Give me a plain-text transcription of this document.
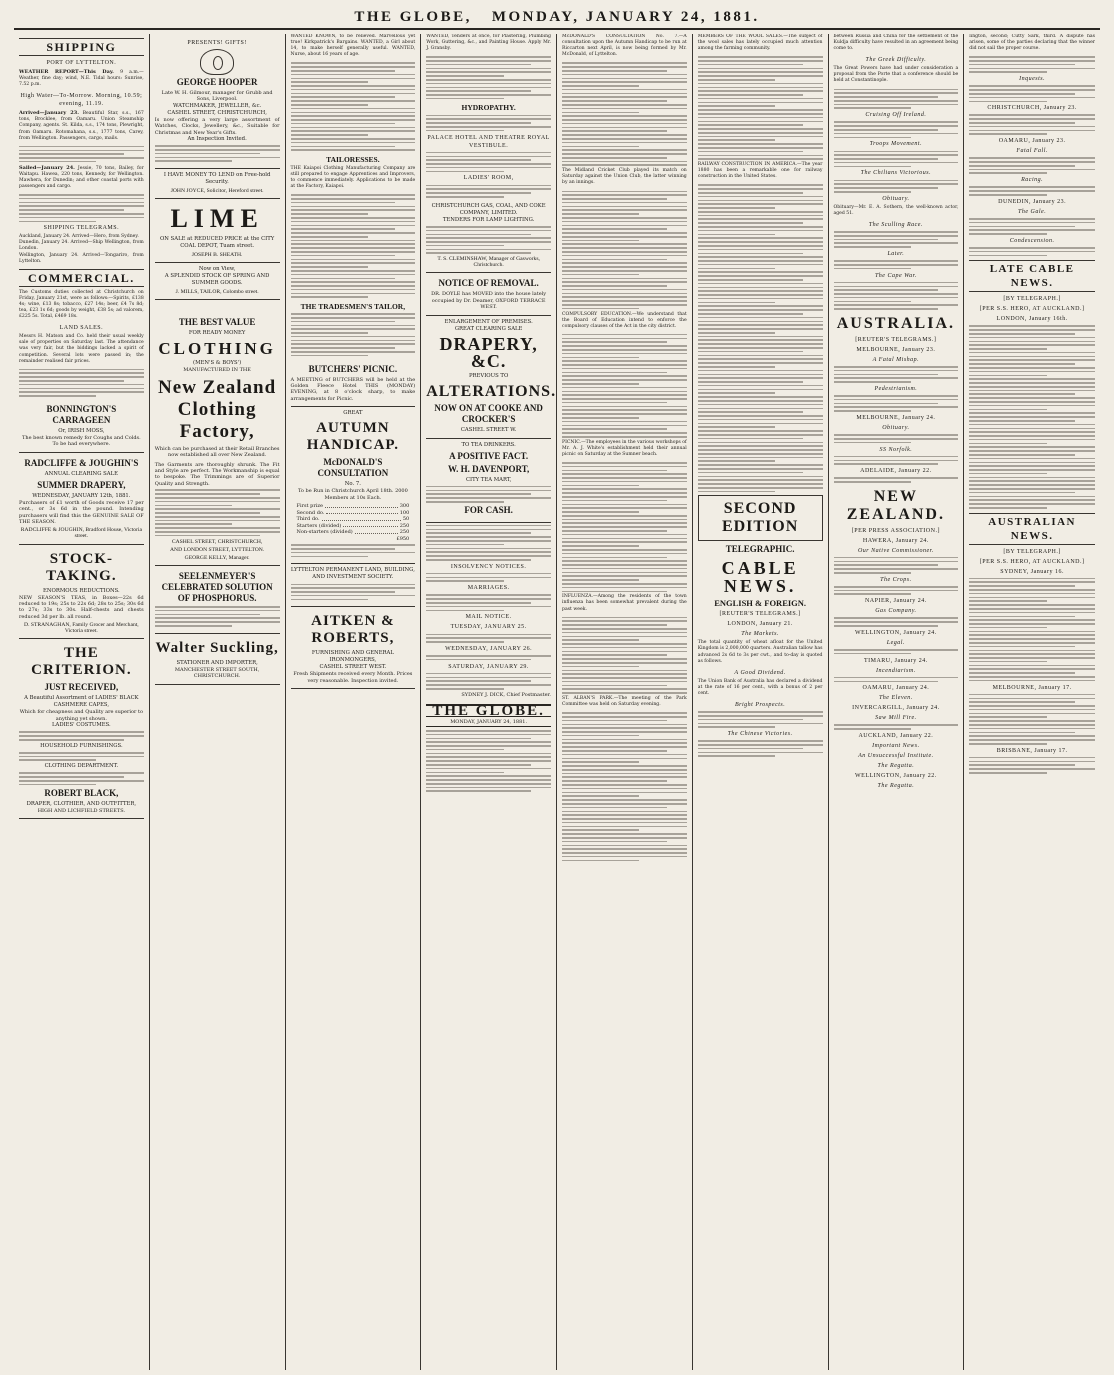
THE GLOBE, MONDAY, JANUARY 24, 1881.
SHIPPING
PORT OF LYTTELTON.
WEATHER REPORT—This Day. 9 a.m.—Weather, fine day; wind, N.E. Tidal hours: Sunrise, 7.52 p.m.
High Water—To-Morrow. Morning, 10.59; evening, 11.19.
Arrived—January 23. Beautiful Star, s.s., 167 tons, Brocklee, from Oamaru. Union Steamship Company, agents. St. Kilda, s.s., 174 tons, Plewright, from Oamaru. Rotomahana, s.s., 1777 tons, Carey, from Wellington. Passengers, cargo, mails.
Sailed—January 24. Jessie, 70 tons, Bailey, for Waitapu. Hawea, 220 tons, Kennedy, for Wellington. Mawhera, for Dunedin; and other coastal ports with passengers and cargo.
SHIPPING TELEGRAMS.
Auckland, January 24. Arrived—Hero, from Sydney.
Dunedin, January 24. Arrived—Ship Wellington, from London.
Wellington, January 24. Arrived—Tongariro, from Lyttelton.
COMMERCIAL.
The Customs duties collected at Christchurch on Friday, January 21st, were as follows:—Spirits, £138 4s; wine, £13 8s; tobacco, £27 14s; beer, £4 7s 8d; tea, £23 1s 6d; goods by weight, £38 5s; ad valorem, £225 5s. Total, £469 18s.
LAND SALES.
Messrs H. Matson and Co. held their usual weekly sale of properties on Saturday last. The attendance was very fair, but the biddings lacked a spirit of competition. Several lots were passed in; the remainder realised fair prices.
BONNINGTON'S CARRAGEEN
Or, IRISH MOSS,
The best known remedy for Coughs and Colds.
To be had everywhere.
RADCLIFFE & JOUGHIN'S
ANNUAL CLEARING SALE
SUMMER DRAPERY,
WEDNESDAY, JANUARY 12th, 1881.
Purchasers of £1 worth of Goods receive 17 per cent., or 3s 6d in the pound. Intending purchasers will find this the GENUINE SALE OF THE SEASON.
RADCLIFFE & JOUGHIN, Bradford House, Victoria street.
STOCK-TAKING.
ENORMOUS REDUCTIONS.
NEW SEASON'S TEAS, in Boxes—22s 6d reduced to 19s; 25s to 22s 6d; 28s to 25s; 30s 6d to 27s; 33s to 30s. Half-chests and chests reduced 3d per lb. all round.
D. STRANAGHAN, Family Grocer and Merchant, Victoria street.
THE CRITERION.
JUST RECEIVED,
A Beautiful Assortment of LADIES' BLACK CASHMERE CAPES,
Which for cheapness and Quality are superior to anything yet shown.
LADIES' COSTUMES.
HOUSEHOLD FURNISHINGS.
CLOTHING DEPARTMENT.
ROBERT BLACK,
DRAPER, CLOTHIER, AND OUTFITTER,
HIGH AND LICHFIELD STREETS.
PRESENTS! GIFTS!
GEORGE HOOPER
Late W. H. Gilmour, manager for Grubb and Sons, Liverpool.
WATCHMAKER, JEWELLER, &c.
CASHEL STREET, CHRISTCHURCH,
Is now offering a very large assortment of Watches, Clocks, Jewellery, &c., Suitable for Christmas and New Year's Gifts.
An Inspection Invited.
I HAVE MONEY TO LEND on Free-hold Security.
JOHN JOYCE, Solicitor, Hereford street.
LIME
ON SALE at REDUCED PRICE at the CITY COAL DEPOT, Tuam street.
JOSEPH B. SHEATH.
Now on View,
A SPLENDID STOCK OF SPRING AND SUMMER GOODS.
J. MILLS, TAILOR, Colombo street.
THE BEST VALUE
FOR READY MONEY
CLOTHING
(MEN'S & BOYS')
MANUFACTURED IN THE
New Zealand Clothing Factory,
Which can be purchased at their Retail Branches now established all over New Zealand.
The Garments are thoroughly shrunk. The Fit and Style are perfect. The Workmanship is equal to bespoke. The Trimmings are of Superior Quality and Strength.
CASHEL STREET, CHRISTCHURCH,
AND LONDON STREET, LYTTELTON.
GEORGE KELLY, Manager.
SEELENMEYER'S CELEBRATED SOLUTION OF PHOSPHORUS.
Walter Suckling,
STATIONER AND IMPORTER,
MANCHESTER STREET SOUTH, CHRISTCHURCH.
WANTED KNOWN, to be relieved. Marvellous yet true! Kirkpatrick's Bargains. WANTED, a Girl about 14, to make herself generally useful. WANTED, Nurse, about 16 years of age.
TAILORESSES.
THE Kaiapoi Clothing Manufacturing Company are still prepared to engage Apprentices and Improvers, to commence immediately. Applications to be made at the Factory, Kaiapoi.
THE TRADESMEN'S TAILOR,
BUTCHERS' PICNIC.
A MEETING of BUTCHERS will be held at the Golden Fleece Hotel THIS (MONDAY) EVENING, at 8 o'clock sharp, to make arrangements for Picnic.
GREAT
AUTUMN HANDICAP.
McDONALD'S CONSULTATION
No. 7.
To be Run in Christchurch April 18th. 2000 Members at 10s Each.
First prize	300
Second do.	100
Third do.	50
Starters (divided)	250
Non-starters (divided)	250
£950
LYTTELTON PERMANENT LAND, BUILDING, AND INVESTMENT SOCIETY.
AITKEN & ROBERTS,
FURNISHING AND GENERAL IRONMONGERS,
CASHEL STREET WEST.
Fresh Shipments received every Month. Prices very reasonable. Inspection invited.
WANTED, Tenders at once, for Plastering, Plumbing Work, Guttering, &c., and Painting House. Apply Mr. J. Gransby.
HYDROPATHY.
PALACE HOTEL AND THEATRE ROYAL VESTIBULE.
LADIES' ROOM,
CHRISTCHURCH GAS, COAL, AND COKE COMPANY, LIMITED.
TENDERS FOR LAMP LIGHTING.
T. S. CLEMINSHAW, Manager of Gasworks, Christchurch.
NOTICE OF REMOVAL.
DR. DOYLE has MOVED into the house lately occupied by Dr. Deamer, OXFORD TERRACE WEST.
ENLARGEMENT OF PREMISES.
GREAT CLEARING SALE
DRAPERY, &C.
PREVIOUS TO
ALTERATIONS.
NOW ON AT COOKE AND CROCKER'S
CASHEL STREET W.
TO TEA DRINKERS.
A POSITIVE FACT.
W. H. DAVENPORT,
CITY TEA MART,
FOR CASH.
INSOLVENCY NOTICES.
MARRIAGES.
MAIL NOTICE.
TUESDAY, JANUARY 25.
WEDNESDAY, JANUARY 26.
SATURDAY, JANUARY 29.
SYDNEY J. DICK, Chief Postmaster.
THE GLOBE.
MONDAY, JANUARY 24, 1881.
McDONALD'S CONSULTATION No. 7.—A consultation upon the Autumn Handicap to be run at Riccarton next April, is now being formed by Mr. McDonald, of Lyttelton.
The Midland Cricket Club played its match on Saturday against the Union Club, the latter winning by an innings.
COMPULSORY EDUCATION.—We understand that the Board of Education intend to enforce the compulsory clauses of the Act in the city district.
PICNIC.—The employees in the various workshops of Mr. A. J. White's establishment held their annual picnic on Saturday at the Sumner beach.
INFLUENZA.—Among the residents of the town influenza has been somewhat prevalent during the past week.
ST. ALBAN'S PARK.—The meeting of the Park Committee was held on Saturday evening.
MEMBERS OF THE WOOL SALES.—The subject of the wool sales has lately occupied much attention among the farming community.
RAILWAY CONSTRUCTION IN AMERICA.—The year 1880 has been a remarkable one for railway construction in the United States.
SECOND EDITION
TELEGRAPHIC.
CABLE NEWS.
ENGLISH & FOREIGN.
[REUTER'S TELEGRAMS.]
LONDON, January 21.
The Markets.
The total quantity of wheat afloat for the United Kingdom is 2,000,000 quarters. Australian tallow has advanced 2s 6d to 3s per cwt., and to-day is quoted as follows.
A Good Dividend.
The Union Bank of Australia has declared a dividend at the rate of 16 per cent., with a bonus of 2 per cent.
Bright Prospects.
The Chinese Victories.
between Russia and China for the settlement of the Kuldja difficulty have resulted in an agreement being come to.
The Greek Difficulty.
The Great Powers have had under consideration a proposal from the Porte that a conference should be held at Constantinople.
Cruising Off Ireland.
Troops Movement.
The Chilians Victorious.
Obituary.
Obituary—Mr. E. A. Sothern, the well-known actor, aged 51.
The Sculling Race.
Later.
The Cape War.
AUSTRALIA.
[REUTER'S TELEGRAMS.]
MELBOURNE, January 23.
A Fatal Mishap.
Pedestrianism.
MELBOURNE, January 24.
Obituary.
SS Norfolk.
ADELAIDE, January 22.
NEW ZEALAND.
[PER PRESS ASSOCIATION.]
HAWERA, January 24.
Our Native Commissioner.
The Crops.
NAPIER, January 24.
Gas Company.
WELLINGTON, January 24.
Legal.
TIMARU, January 24.
Incendiarism.
OAMARU, January 24.
The Eleven.
INVERCARGILL, January 24.
Saw Mill Fire.
AUCKLAND, January 22.
Important News.
An Unsuccessful Institute.
The Regatta.
WELLINGTON, January 22.
The Regatta.
lington, second; Cutty Sark, third. A dispute has arisen, some of the parties declaring that the winner did not sail the proper course.
Inquests.
CHRISTCHURCH, January 23.
OAMARU, January 23.
Fatal Fall.
Racing.
DUNEDIN, January 23.
The Gale.
Condescension.
LATE CABLE NEWS.
[BY TELEGRAPH.]
[PER S.S. HERO, AT AUCKLAND.]
LONDON, January 16th.
AUSTRALIAN NEWS.
[BY TELEGRAPH.]
[PER S.S. HERO, AT AUCKLAND.]
SYDNEY, January 16.
MELBOURNE, January 17.
BRISBANE, January 17.
